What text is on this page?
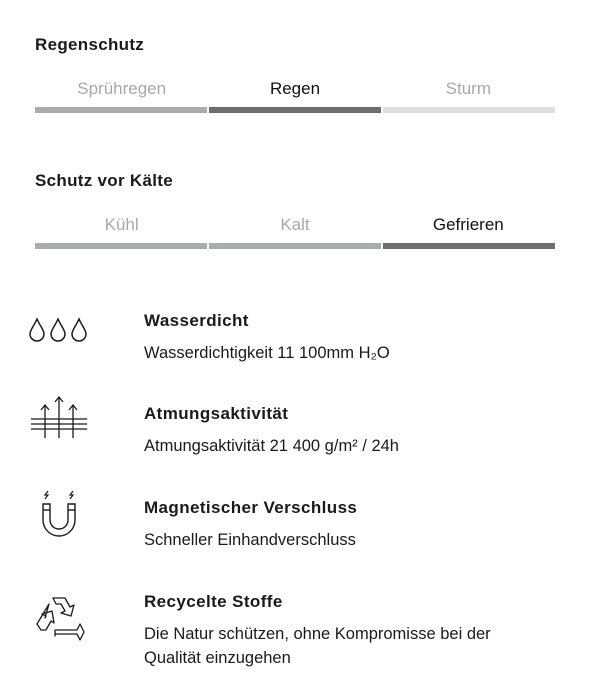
Regenschutz
Sprühregen	Regen	Sturm
Schutz vor Kälte
Kühl	Kalt	Gefrieren
Wasserdicht
Wasserdichtigkeit 11 100mm H₂O
Atmungsaktivität
Atmungsaktivität 21 400 g/m² / 24h
Magnetischer Verschluss
Schneller Einhandverschluss
Recycelte Stoffe
Die Natur schützen, ohne Kompromisse bei der Qualität einzugehen
